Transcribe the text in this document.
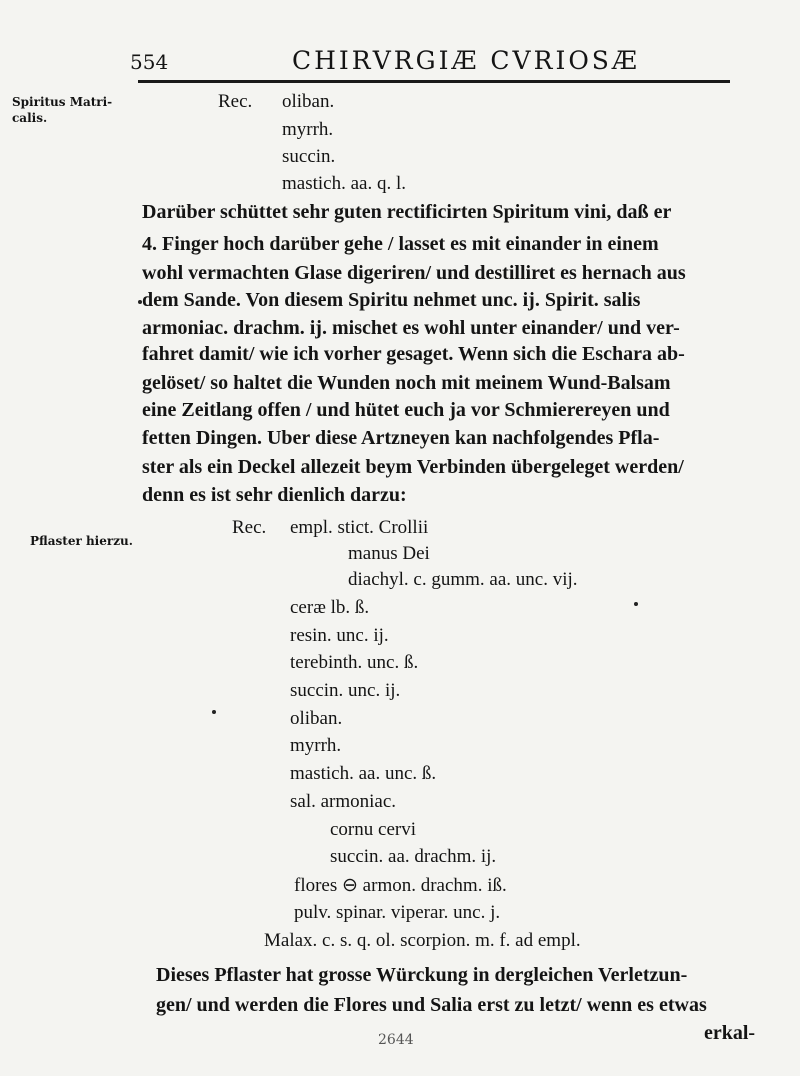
554	CHIRVRGIÆ CVRIOSÆ
Spiritus Matri-
calis.
Pflaster hierzu.
Rec. oliban.
myrrh.
succin.
mastich. aa. q. l.
Darüber schüttet sehr guten rectificirten Spiritum vini, daß er
4. Finger hoch darüber gehe / lasset es mit einander in einem
wohl vermachten Glase digeriren/ und destilliret es hernach aus
dem Sande. Von diesem Spiritu nehmet unc. ij. Spirit. salis
armoniac. drachm. ij. mischet es wohl unter einander/ und ver-
fahret damit/ wie ich vorher gesaget. Wenn sich die Eschara ab-
gelöset/ so haltet die Wunden noch mit meinem Wund-Balsam
eine Zeitlang offen / und hütet euch ja vor Schmierereyen und
fetten Dingen. Uber diese Artzneyen kan nachfolgendes Pfla-
ster als ein Deckel allezeit beym Verbinden übergeleget werden/
denn es ist sehr dienlich darzu:
Rec. empl. stict. Crollii
manus Dei
diachyl. c. gumm. aa. unc. vij.
ceræ lb. ß.
resin. unc. ij.
terebinth. unc. ß.
succin. unc. ij.
oliban.
myrrh.
mastich. aa. unc. ß.
sal. armoniac.
cornu cervi
succin. aa. drachm. ij.
flores ⊖ armon. drachm. iß.
pulv. spinar. viperar. unc. j.
Malax. c. s. q. ol. scorpion. m. f. ad empl.
Dieses Pflaster hat grosse Würckung in dergleichen Verletzun-
gen/ und werden die Flores und Salia erst zu letzt/ wenn es etwas
erkal-
2644
